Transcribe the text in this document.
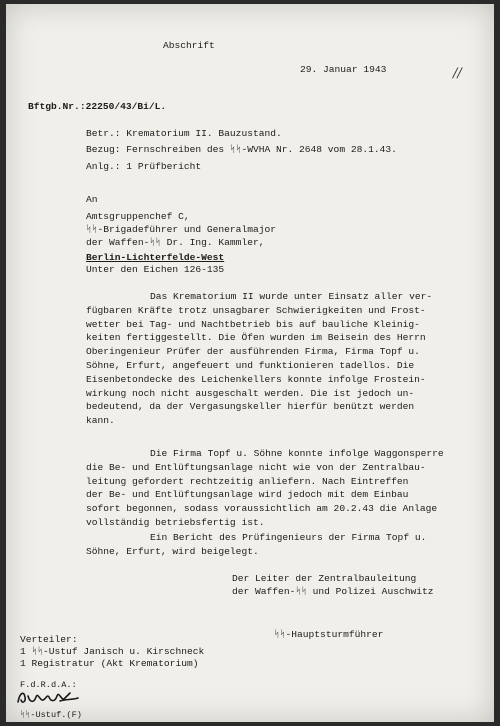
Abschrift
29. Januar 1943	//
Bftgb.Nr.:22250/43/Bi/L.
Betr.: Krematorium II. Bauzustand.
Bezug: Fernschreiben des ᛋᛋ-WVHA Nr. 2648 vom 28.1.43.
Anlg.: 1 Prüfbericht
An
Amtsgruppenchef C,
ᛋᛋ-Brigadeführer und Generalmajor
der Waffen-ᛋᛋ Dr. Ing. Kammler,
Berlin-Lichterfelde-West
Unter den Eichen 126-135
Das Krematorium II wurde unter Einsatz aller ver-
fügbaren Kräfte trotz unsagbarer Schwierigkeiten und Frost-
wetter bei Tag- und Nachtbetrieb bis auf bauliche Kleinig-
keiten fertiggestellt. Die Öfen wurden im Beisein des Herrn
Oberingenieur Prüfer der ausführenden Firma, Firma Topf u.
Söhne, Erfurt, angefeuert und funktionieren tadellos. Die
Eisenbetondecke des Leichenkellers konnte infolge Frostein-
wirkung noch nicht ausgeschalt werden. Die ist jedoch un-
bedeutend, da der Vergasungskeller hierfür benützt werden
kann.
Die Firma Topf u. Söhne konnte infolge Waggonsperre
die Be- und Entlüftungsanlage nicht wie von der Zentralbau-
leitung gefordert rechtzeitig anliefern. Nach Eintreffen
der Be- und Entlüftungsanlage wird jedoch mit dem Einbau
sofort begonnen, sodass voraussichtlich am 20.2.43 die Anlage
vollständig betriebsfertig ist.
Ein Bericht des Prüfingenieurs der Firma Topf u.
Söhne, Erfurt, wird beigelegt.
Der Leiter der Zentralbauleitung
der Waffen-ᛋᛋ und Polizei Auschwitz
ᛋᛋ-Hauptsturmführer
Verteiler:
1 ᛋᛋ-Ustuf Janisch u. Kirschneck
1 Registratur (Akt Krematorium)
F.d.R.d.A.:
ᛋᛋ-Ustuf.(F)
